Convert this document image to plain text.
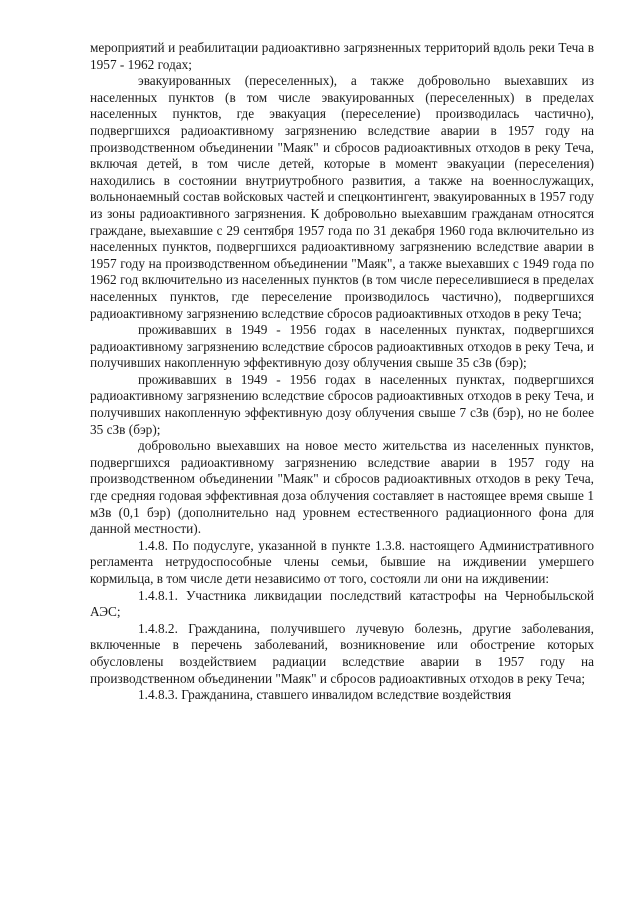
мероприятий и реабилитации радиоактивно загрязненных территорий вдоль реки Теча в 1957 - 1962 годах;

эвакуированных (переселенных), а также добровольно выехавших из населенных пунктов (в том числе эвакуированных (переселенных) в пределах населенных пунктов, где эвакуация (переселение) производилась частично), подвергшихся радиоактивному загрязнению вследствие аварии в 1957 году на производственном объединении "Маяк" и сбросов радиоактивных отходов в реку Теча, включая детей, в том числе детей, которые в момент эвакуации (переселения) находились в состоянии внутриутробного развития, а также на военнослужащих, вольнонаемный состав войсковых частей и спецконтингент, эвакуированных в 1957 году из зоны радиоактивного загрязнения. К добровольно выехавшим гражданам относятся граждане, выехавшие с 29 сентября 1957 года по 31 декабря 1960 года включительно из населенных пунктов, подвергшихся радиоактивному загрязнению вследствие аварии в 1957 году на производственном объединении "Маяк", а также выехавших с 1949 года по 1962 год включительно из населенных пунктов (в том числе переселившиеся в пределах населенных пунктов, где переселение производилось частично), подвергшихся радиоактивному загрязнению вследствие сбросов радиоактивных отходов в реку Теча;

проживавших в 1949 - 1956 годах в населенных пунктах, подвергшихся радиоактивному загрязнению вследствие сбросов радиоактивных отходов в реку Теча, и получивших накопленную эффективную дозу облучения свыше 35 сЗв (бэр);

проживавших в 1949 - 1956 годах в населенных пунктах, подвергшихся радиоактивному загрязнению вследствие сбросов радиоактивных отходов в реку Теча, и получивших накопленную эффективную дозу облучения свыше 7 сЗв (бэр), но не более 35 сЗв (бэр);

добровольно выехавших на новое место жительства из населенных пунктов, подвергшихся радиоактивному загрязнению вследствие аварии в 1957 году на производственном объединении "Маяк" и сбросов радиоактивных отходов в реку Теча, где средняя годовая эффективная доза облучения составляет в настоящее время свыше 1 мЗв (0,1 бэр) (дополнительно над уровнем естественного радиационного фона для данной местности).

1.4.8. По подуслуге, указанной в пункте 1.3.8. настоящего Административного регламента нетрудоспособные члены семьи, бывшие на иждивении умершего кормильца, в том числе дети независимо от того, состояли ли они на иждивении:

1.4.8.1. Участника ликвидации последствий катастрофы на Чернобыльской АЭС;

1.4.8.2. Гражданина, получившего лучевую болезнь, другие заболевания, включенные в перечень заболеваний, возникновение или обострение которых обусловлены воздействием радиации вследствие аварии в 1957 году на производственном объединении "Маяк" и сбросов радиоактивных отходов в реку Теча;

1.4.8.3. Гражданина, ставшего инвалидом вследствие воздействия
